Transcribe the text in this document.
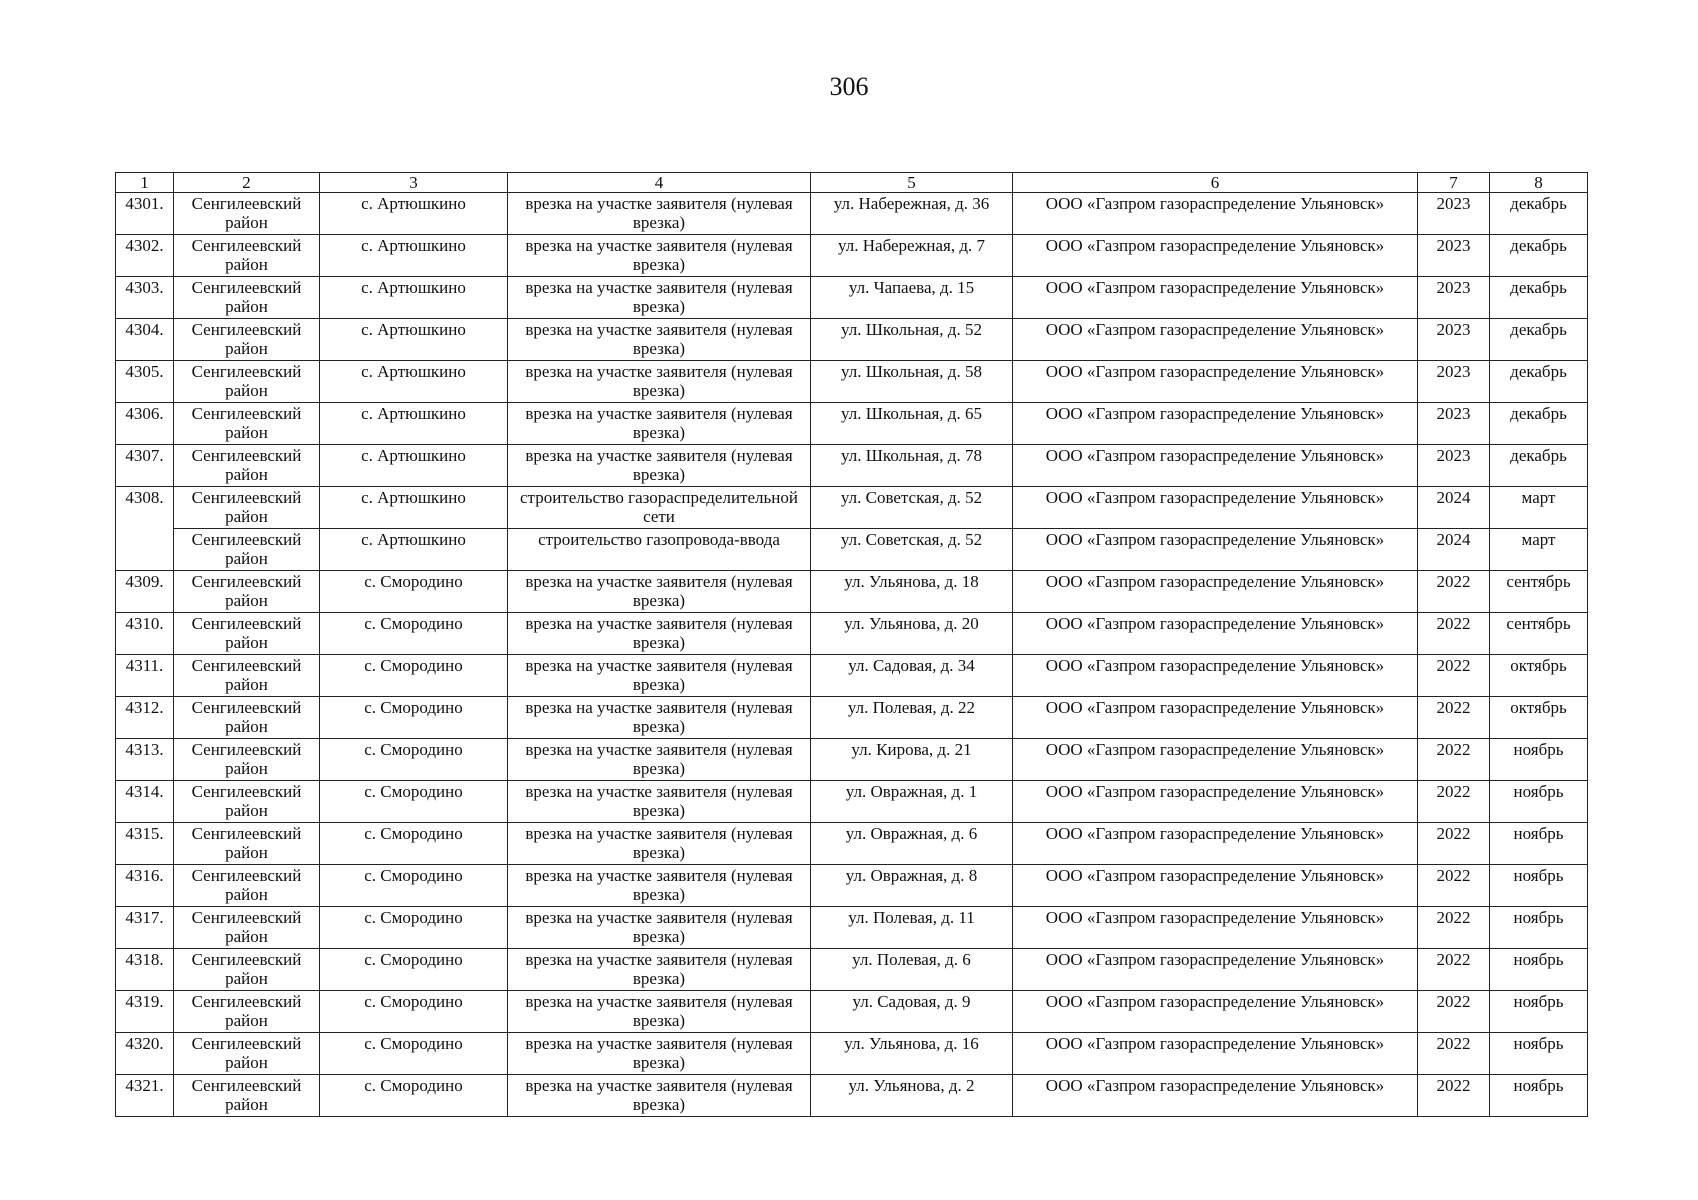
306
1	2	3	4	5	6	7	8
4301.	Сенгилеевский район	с. Артюшкино	врезка на участке заявителя (нулевая врезка)	ул. Набережная, д. 36	ООО «Газпром газораспределение Ульяновск»	2023	декабрь
4302.	Сенгилеевский район	с. Артюшкино	врезка на участке заявителя (нулевая врезка)	ул. Набережная, д. 7	ООО «Газпром газораспределение Ульяновск»	2023	декабрь
4303.	Сенгилеевский район	с. Артюшкино	врезка на участке заявителя (нулевая врезка)	ул. Чапаева, д. 15	ООО «Газпром газораспределение Ульяновск»	2023	декабрь
4304.	Сенгилеевский район	с. Артюшкино	врезка на участке заявителя (нулевая врезка)	ул. Школьная, д. 52	ООО «Газпром газораспределение Ульяновск»	2023	декабрь
4305.	Сенгилеевский район	с. Артюшкино	врезка на участке заявителя (нулевая врезка)	ул. Школьная, д. 58	ООО «Газпром газораспределение Ульяновск»	2023	декабрь
4306.	Сенгилеевский район	с. Артюшкино	врезка на участке заявителя (нулевая врезка)	ул. Школьная, д. 65	ООО «Газпром газораспределение Ульяновск»	2023	декабрь
4307.	Сенгилеевский район	с. Артюшкино	врезка на участке заявителя (нулевая врезка)	ул. Школьная, д. 78	ООО «Газпром газораспределение Ульяновск»	2023	декабрь
4308.	Сенгилеевский район	с. Артюшкино	строительство газораспределительной сети	ул. Советская, д. 52	ООО «Газпром газораспределение Ульяновск»	2024	март
	Сенгилеевский район	с. Артюшкино	строительство газопровода-ввода	ул. Советская, д. 52	ООО «Газпром газораспределение Ульяновск»	2024	март
4309.	Сенгилеевский район	с. Смородино	врезка на участке заявителя (нулевая врезка)	ул. Ульянова, д. 18	ООО «Газпром газораспределение Ульяновск»	2022	сентябрь
4310.	Сенгилеевский район	с. Смородино	врезка на участке заявителя (нулевая врезка)	ул. Ульянова, д. 20	ООО «Газпром газораспределение Ульяновск»	2022	сентябрь
4311.	Сенгилеевский район	с. Смородино	врезка на участке заявителя (нулевая врезка)	ул. Садовая, д. 34	ООО «Газпром газораспределение Ульяновск»	2022	октябрь
4312.	Сенгилеевский район	с. Смородино	врезка на участке заявителя (нулевая врезка)	ул. Полевая, д. 22	ООО «Газпром газораспределение Ульяновск»	2022	октябрь
4313.	Сенгилеевский район	с. Смородино	врезка на участке заявителя (нулевая врезка)	ул. Кирова, д. 21	ООО «Газпром газораспределение Ульяновск»	2022	ноябрь
4314.	Сенгилеевский район	с. Смородино	врезка на участке заявителя (нулевая врезка)	ул. Овражная, д. 1	ООО «Газпром газораспределение Ульяновск»	2022	ноябрь
4315.	Сенгилеевский район	с. Смородино	врезка на участке заявителя (нулевая врезка)	ул. Овражная, д. 6	ООО «Газпром газораспределение Ульяновск»	2022	ноябрь
4316.	Сенгилеевский район	с. Смородино	врезка на участке заявителя (нулевая врезка)	ул. Овражная, д. 8	ООО «Газпром газораспределение Ульяновск»	2022	ноябрь
4317.	Сенгилеевский район	с. Смородино	врезка на участке заявителя (нулевая врезка)	ул. Полевая, д. 11	ООО «Газпром газораспределение Ульяновск»	2022	ноябрь
4318.	Сенгилеевский район	с. Смородино	врезка на участке заявителя (нулевая врезка)	ул. Полевая, д. 6	ООО «Газпром газораспределение Ульяновск»	2022	ноябрь
4319.	Сенгилеевский район	с. Смородино	врезка на участке заявителя (нулевая врезка)	ул. Садовая, д. 9	ООО «Газпром газораспределение Ульяновск»	2022	ноябрь
4320.	Сенгилеевский район	с. Смородино	врезка на участке заявителя (нулевая врезка)	ул. Ульянова, д. 16	ООО «Газпром газораспределение Ульяновск»	2022	ноябрь
4321.	Сенгилеевский район	с. Смородино	врезка на участке заявителя (нулевая врезка)	ул. Ульянова, д. 2	ООО «Газпром газораспределение Ульяновск»	2022	ноябрь
